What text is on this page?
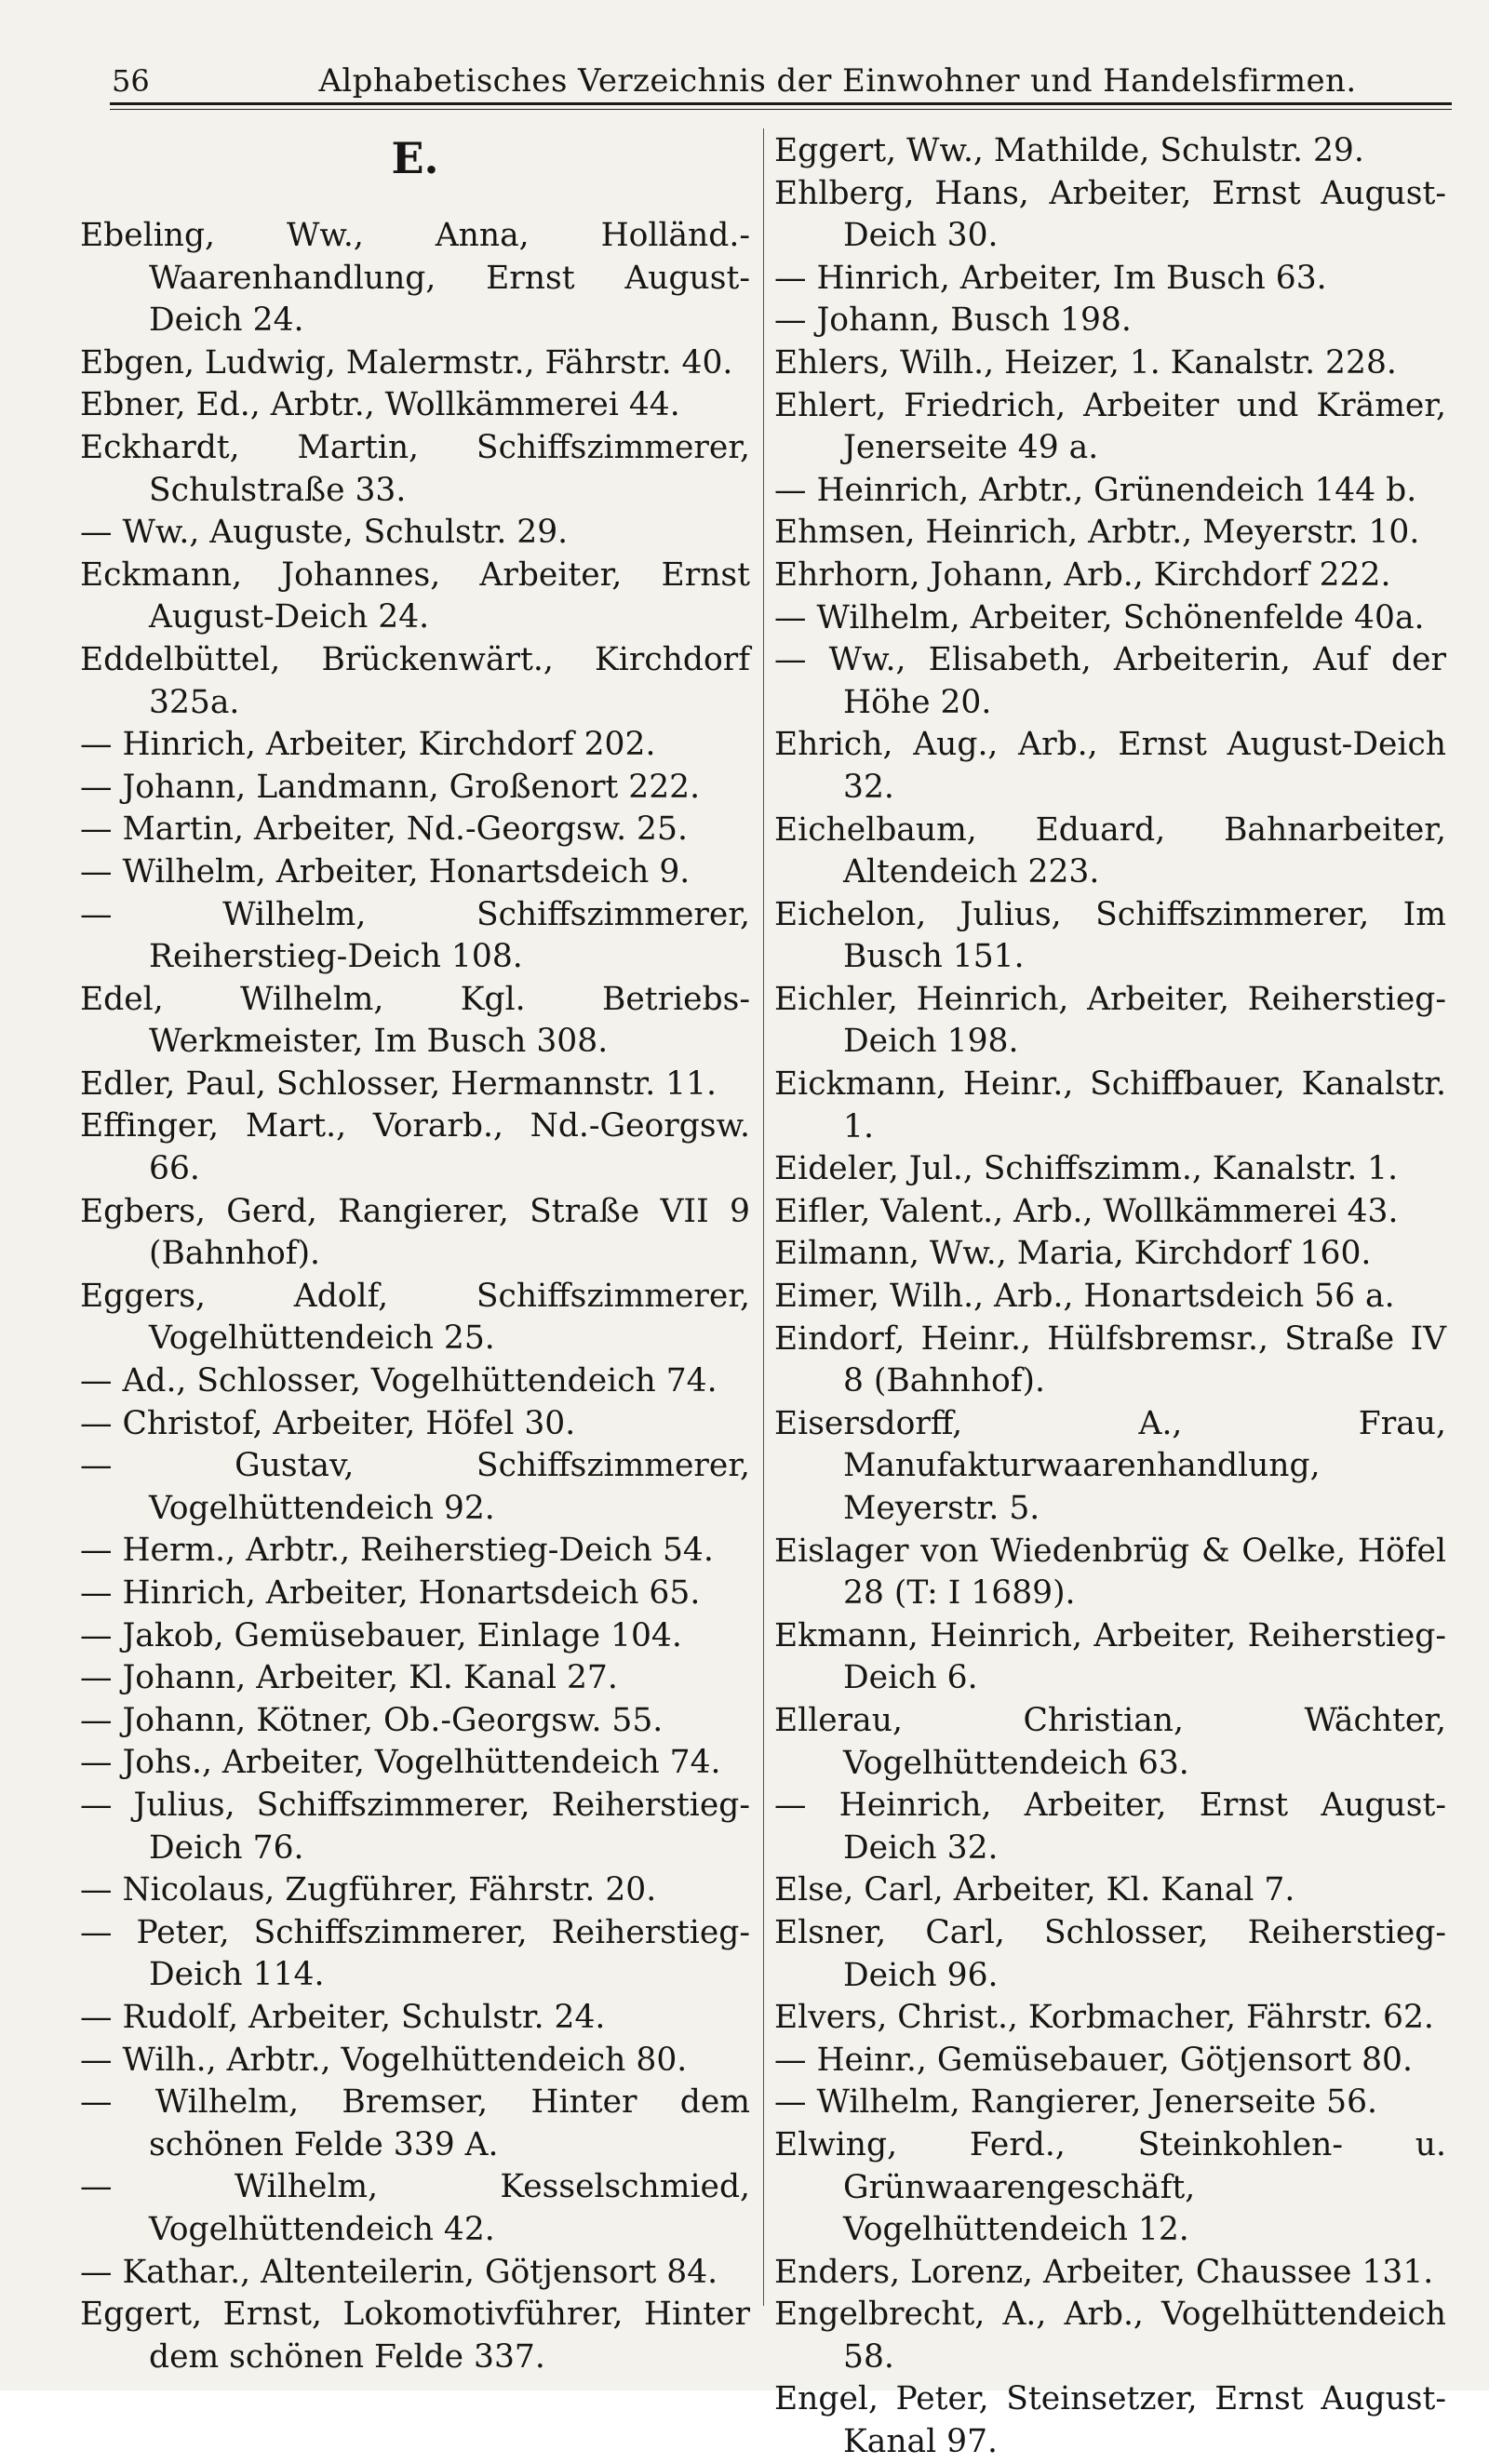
56	Alphabetisches Verzeichnis der Einwohner und Handelsfirmen.
E.
Ebeling, Ww., Anna, Holländ.-Waarenhandlung, Ernst August-Deich 24.
Ebgen, Ludwig, Malermstr., Fährstr. 40.
Ebner, Ed., Arbtr., Wollkämmerei 44.
Eckhardt, Martin, Schiffszimmerer, Schulstraße 33.
— Ww., Auguste, Schulstr. 29.
Eckmann, Johannes, Arbeiter, Ernst August-Deich 24.
Eddelbüttel, Brückenwärt., Kirchdorf 325a.
— Hinrich, Arbeiter, Kirchdorf 202.
— Johann, Landmann, Großenort 222.
— Martin, Arbeiter, Nd.-Georgsw. 25.
— Wilhelm, Arbeiter, Honartsdeich 9.
— Wilhelm, Schiffszimmerer, Reiherstieg-Deich 108.
Edel, Wilhelm, Kgl. Betriebs-Werkmeister, Im Busch 308.
Edler, Paul, Schlosser, Hermannstr. 11.
Effinger, Mart., Vorarb., Nd.-Georgsw. 66.
Egbers, Gerd, Rangierer, Straße VII 9 (Bahnhof).
Eggers, Adolf, Schiffszimmerer, Vogelhüttendeich 25.
— Ad., Schlosser, Vogelhüttendeich 74.
— Christof, Arbeiter, Höfel 30.
— Gustav, Schiffszimmerer, Vogelhüttendeich 92.
— Herm., Arbtr., Reiherstieg-Deich 54.
— Hinrich, Arbeiter, Honartsdeich 65.
— Jakob, Gemüsebauer, Einlage 104.
— Johann, Arbeiter, Kl. Kanal 27.
— Johann, Kötner, Ob.-Georgsw. 55.
— Johs., Arbeiter, Vogelhüttendeich 74.
— Julius, Schiffszimmerer, Reiherstieg-Deich 76.
— Nicolaus, Zugführer, Fährstr. 20.
— Peter, Schiffszimmerer, Reiherstieg-Deich 114.
— Rudolf, Arbeiter, Schulstr. 24.
— Wilh., Arbtr., Vogelhüttendeich 80.
— Wilhelm, Bremser, Hinter dem schönen Felde 339 A.
— Wilhelm, Kesselschmied, Vogelhüttendeich 42.
— Kathar., Altenteilerin, Götjensort 84.
Eggert, Ernst, Lokomotivführer, Hinter dem schönen Felde 337.
Eggert, Ww., Mathilde, Schulstr. 29.
Ehlberg, Hans, Arbeiter, Ernst August-Deich 30.
— Hinrich, Arbeiter, Im Busch 63.
— Johann, Busch 198.
Ehlers, Wilh., Heizer, 1. Kanalstr. 228.
Ehlert, Friedrich, Arbeiter und Krämer, Jenerseite 49 a.
— Heinrich, Arbtr., Grünendeich 144 b.
Ehmsen, Heinrich, Arbtr., Meyerstr. 10.
Ehrhorn, Johann, Arb., Kirchdorf 222.
— Wilhelm, Arbeiter, Schönenfelde 40a.
— Ww., Elisabeth, Arbeiterin, Auf der Höhe 20.
Ehrich, Aug., Arb., Ernst August-Deich 32.
Eichelbaum, Eduard, Bahnarbeiter, Altendeich 223.
Eichelon, Julius, Schiffszimmerer, Im Busch 151.
Eichler, Heinrich, Arbeiter, Reiherstieg-Deich 198.
Eickmann, Heinr., Schiffbauer, Kanalstr. 1.
Eideler, Jul., Schiffszimm., Kanalstr. 1.
Eifler, Valent., Arb., Wollkämmerei 43.
Eilmann, Ww., Maria, Kirchdorf 160.
Eimer, Wilh., Arb., Honartsdeich 56 a.
Eindorf, Heinr., Hülfsbremsr., Straße IV 8 (Bahnhof).
Eisersdorff, A., Frau, Manufakturwaarenhandlung, Meyerstr. 5.
Eislager von Wiedenbrüg & Oelke, Höfel 28 (T: I 1689).
Ekmann, Heinrich, Arbeiter, Reiherstieg-Deich 6.
Ellerau, Christian, Wächter, Vogelhüttendeich 63.
— Heinrich, Arbeiter, Ernst August-Deich 32.
Else, Carl, Arbeiter, Kl. Kanal 7.
Elsner, Carl, Schlosser, Reiherstieg-Deich 96.
Elvers, Christ., Korbmacher, Fährstr. 62.
— Heinr., Gemüsebauer, Götjensort 80.
— Wilhelm, Rangierer, Jenerseite 56.
Elwing, Ferd., Steinkohlen- u. Grünwaarengeschäft, Vogelhüttendeich 12.
Enders, Lorenz, Arbeiter, Chaussee 131.
Engelbrecht, A., Arb., Vogelhüttendeich 58.
Engel, Peter, Steinsetzer, Ernst August-Kanal 97.
